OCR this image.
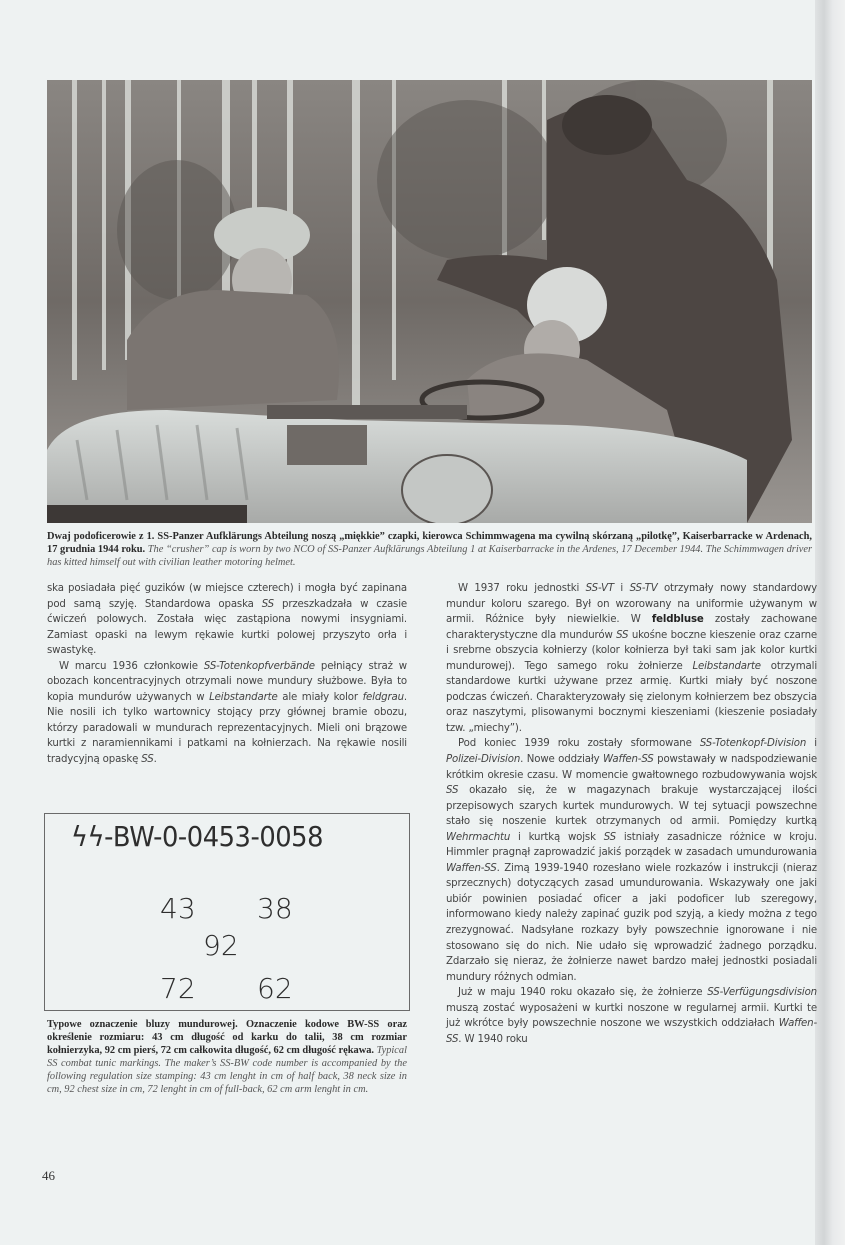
Dwaj podoficerowie z 1. SS-Panzer Aufklärungs Abteilung noszą „miękkie” czapki, kierowca Schimmwagena ma cywilną skórzaną „pilotkę”, Kaiserbarracke w Ardenach, 17 grudnia 1944 roku. The “crusher” cap is worn by two NCO of SS-Panzer Aufklärungs Abteilung 1 at Kaiserbarracke in the Ardenes, 17 December 1944. The Schimmwagen driver has kitted himself out with civilian leather motoring helmet.

ska posiadała pięć guzików (w miejsce czterech) i mogła być zapinana pod samą szyję. Standardowa opaska SS przeszkadzała w czasie ćwiczeń polowych. Została więc zastąpiona nowymi insygniami. Zamiast opaski na lewym rękawie kurtki polowej przyszyto orła i swastykę.

W marcu 1936 członkowie SS-Totenkopfverbände pełniący straż w obozach koncentracyjnych otrzymali nowe mundury służbowe. Była to kopia mundurów używanych w Leibstandarte ale miały kolor feldgrau. Nie nosili ich tylko wartownicy stojący przy głównej bramie obozu, którzy paradowali w mundurach reprezentacyjnych. Mieli oni brązowe kurtki z naramiennikami i patkami na kołnierzach. Na rękawie nosili tradycyjną opaskę SS.

ϟϟ-BW-0-0453-0058
43 38
92
72 62
Typowe oznaczenie bluzy mundurowej. Oznaczenie kodowe BW-SS oraz określenie rozmiaru: 43 cm długość od karku do talii, 38 cm rozmiar kołnierzyka, 92 cm pierś, 72 cm całkowita długość, 62 cm długość rękawa. Typical SS combat tunic markings. The maker’s SS-BW code number is accompanied by the following regulation size stamping: 43 cm lenght in cm of half back, 38 neck size in cm, 92 chest size in cm, 72 lenght in cm of full-back, 62 cm arm lenght in cm.

W 1937 roku jednostki SS-VT i SS-TV otrzymały nowy standardowy mundur koloru szarego. Był on wzorowany na uniformie używanym w armii. Różnice były niewielkie. W feldbluse zostały zachowane charakterystyczne dla mundurów SS ukośne boczne kieszenie oraz czarne i srebrne obszycia kołnierzy (kolor kołnierza był taki sam jak kolor kurtki mundurowej). Tego samego roku żołnierze Leibstandarte otrzymali standardowe kurtki używane przez armię. Kurtki miały być noszone podczas ćwiczeń. Charakteryzowały się zielonym kołnierzem bez obszycia oraz naszytymi, plisowanymi bocznymi kieszeniami (kieszenie posiadały tzw. „miechy”).

Pod koniec 1939 roku zostały sformowane SS-Totenkopf-Division i Polizei-Division. Nowe oddziały Waffen-SS powstawały w nadspodziewanie krótkim okresie czasu. W momencie gwałtownego rozbudowywania wojsk SS okazało się, że w magazynach brakuje wystarczającej ilości przepisowych szarych kurtek mundurowych. W tej sytuacji powszechne stało się noszenie kurtek otrzymanych od armii. Pomiędzy kurtką Wehrmachtu i kurtką wojsk SS istniały zasadnicze różnice w kroju. Himmler pragnął zaprowadzić jakiś porządek w zasadach umundurowania Waffen-SS. Zimą 1939-1940 rozesłano wiele rozkazów i instrukcji (nieraz sprzecznych) dotyczących zasad umundurowania. Wskazywały one jaki ubiór powinien posiadać oficer a jaki podoficer lub szeregowy, informowano kiedy należy zapinać guzik pod szyją, a kiedy można z tego zrezygnować. Nadsyłane rozkazy były powszechnie ignorowane i nie stosowano się do nich. Nie udało się wprowadzić żadnego porządku. Zdarzało się nieraz, że żołnierze nawet bardzo małej jednostki posiadali mundury różnych odmian.

Już w maju 1940 roku okazało się, że żołnierze SS-Verfügungsdivision muszą zostać wyposażeni w kurtki noszone w regularnej armii. Kurtki te już wkrótce były powszechnie noszone we wszystkich oddziałach Waffen-SS. W 1940 roku

46
